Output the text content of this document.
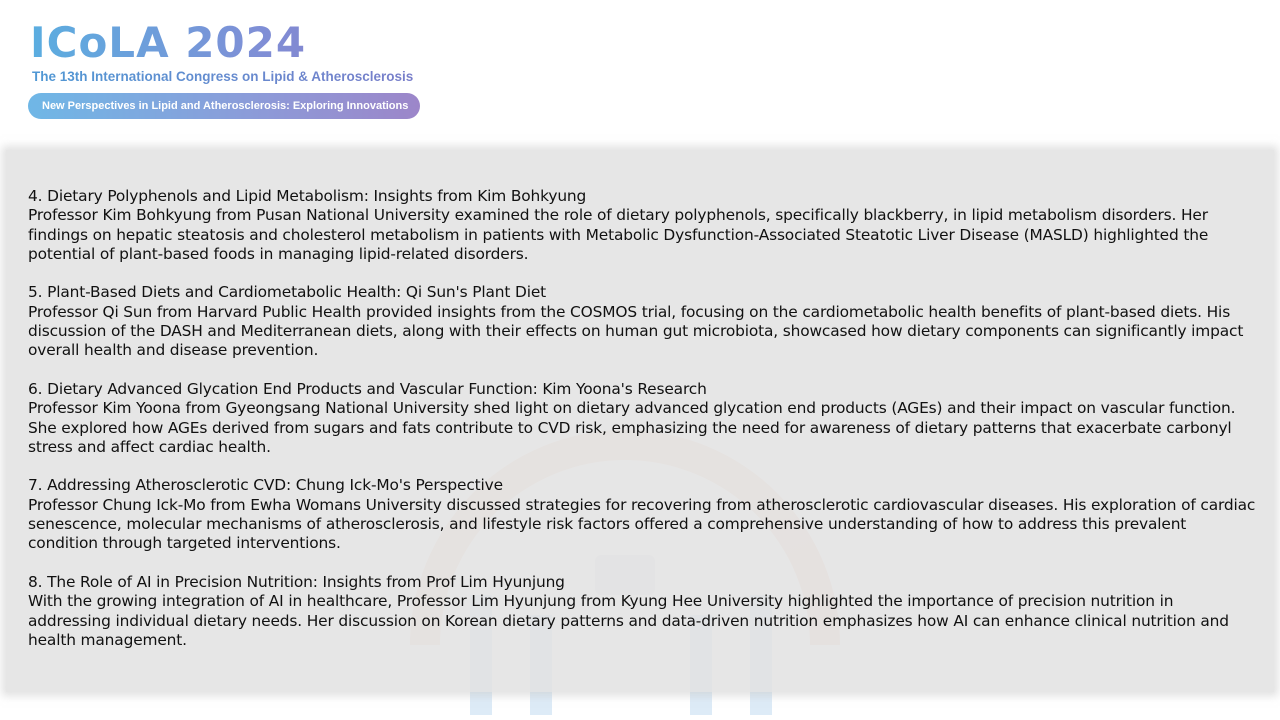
ICoLA 2024
The 13th International Congress on Lipid & Atherosclerosis
New Perspectives in Lipid and Atherosclerosis: Exploring Innovations

4. Dietary Polyphenols and Lipid Metabolism: Insights from Kim Bohkyung

Professor Kim Bohkyung from Pusan National University examined the role of dietary polyphenols, specifically blackberry, in lipid metabolism disorders. Her findings on hepatic steatosis and cholesterol metabolism in patients with Metabolic Dysfunction-Associated Steatotic Liver Disease (MASLD) highlighted the potential of plant-based foods in managing lipid-related disorders.

5. Plant-Based Diets and Cardiometabolic Health: Qi Sun's Plant Diet

Professor Qi Sun from Harvard Public Health provided insights from the COSMOS trial, focusing on the cardiometabolic health benefits of plant-based diets. His discussion of the DASH and Mediterranean diets, along with their effects on human gut microbiota, showcased how dietary components can significantly impact overall health and disease prevention.

6. Dietary Advanced Glycation End Products and Vascular Function: Kim Yoona's Research

Professor Kim Yoona from Gyeongsang National University shed light on dietary advanced glycation end products (AGEs) and their impact on vascular function. She explored how AGEs derived from sugars and fats contribute to CVD risk, emphasizing the need for awareness of dietary patterns that exacerbate carbonyl stress and affect cardiac health.

7. Addressing Atherosclerotic CVD: Chung Ick-Mo's Perspective

Professor Chung Ick-Mo from Ewha Womans University discussed strategies for recovering from atherosclerotic cardiovascular diseases. His exploration of cardiac senescence, molecular mechanisms of atherosclerosis, and lifestyle risk factors offered a comprehensive understanding of how to address this prevalent condition through targeted interventions.

8. The Role of AI in Precision Nutrition: Insights from Prof Lim Hyunjung

With the growing integration of AI in healthcare, Professor Lim Hyunjung from Kyung Hee University highlighted the importance of precision nutrition in addressing individual dietary needs. Her discussion on Korean dietary patterns and data-driven nutrition emphasizes how AI can enhance clinical nutrition and health management.
